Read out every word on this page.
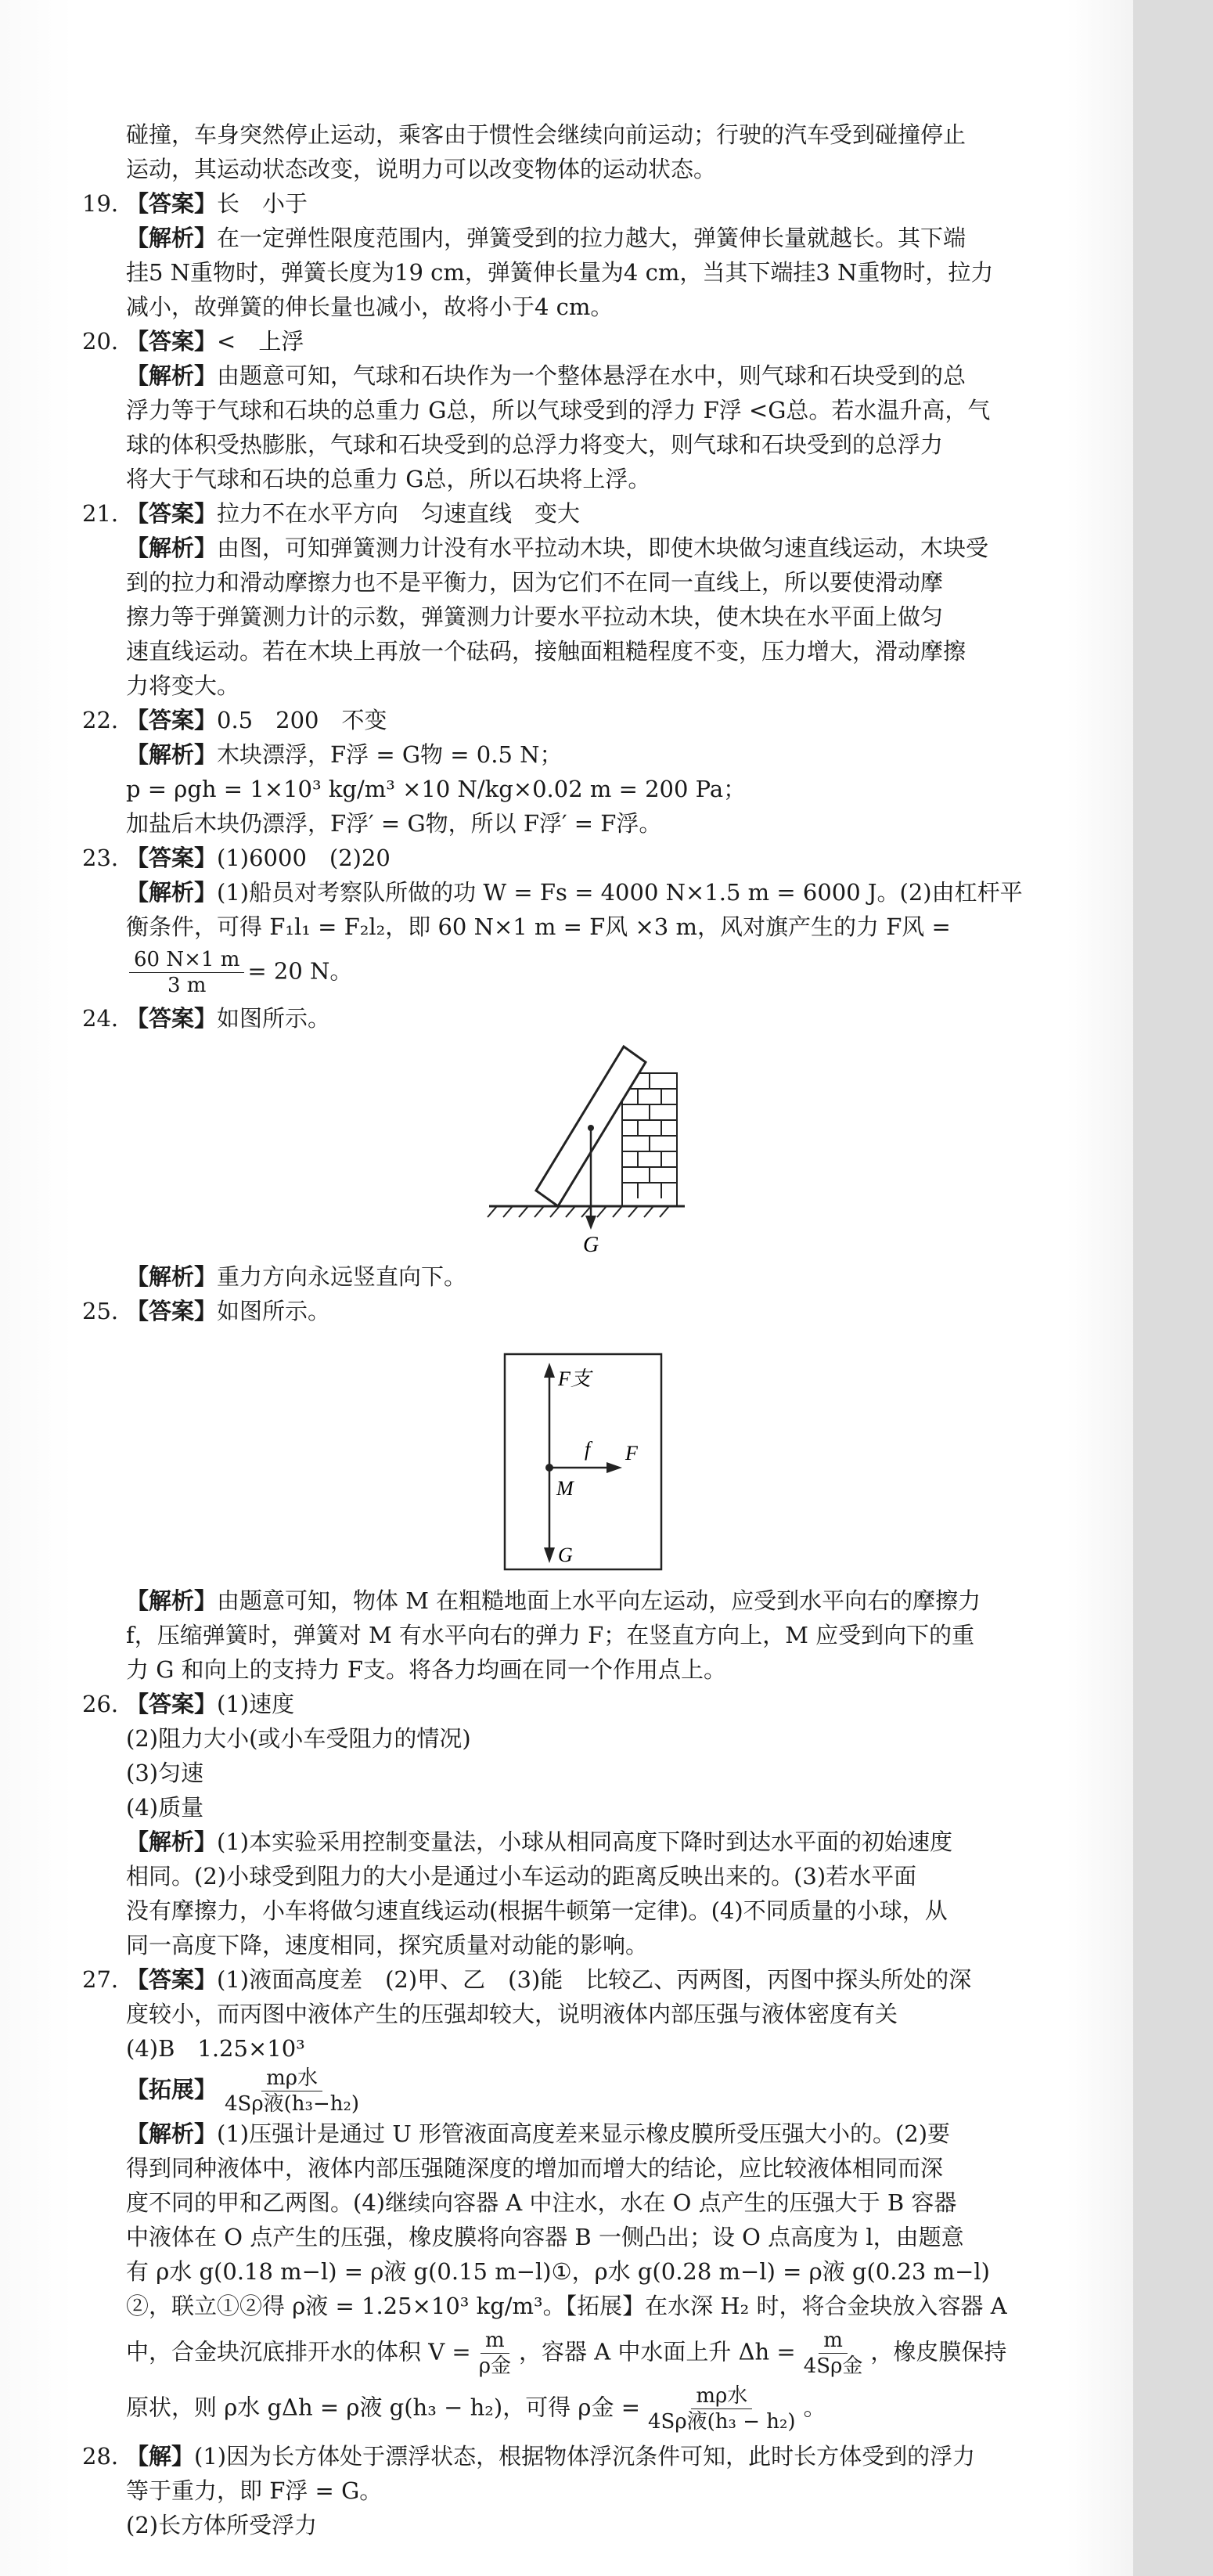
碰撞，车身突然停止运动，乘客由于惯性会继续向前运动；行驶的汽车受到碰撞停止
运动，其运动状态改变，说明力可以改变物体的运动状态。
19. 【答案】长　小于
【解析】在一定弹性限度范围内，弹簧受到的拉力越大，弹簧伸长量就越长。其下端
挂5 N重物时，弹簧长度为19 cm，弹簧伸长量为4 cm，当其下端挂3 N重物时，拉力
减小，故弹簧的伸长量也减小，故将小于4 cm。
20. 【答案】<　上浮
【解析】由题意可知，气球和石块作为一个整体悬浮在水中，则气球和石块受到的总
浮力等于气球和石块的总重力 G总，所以气球受到的浮力 F浮 <G总。若水温升高，气
球的体积受热膨胀，气球和石块受到的总浮力将变大，则气球和石块受到的总浮力
将大于气球和石块的总重力 G总，所以石块将上浮。
21. 【答案】拉力不在水平方向　匀速直线　变大
【解析】由图，可知弹簧测力计没有水平拉动木块，即使木块做匀速直线运动，木块受
到的拉力和滑动摩擦力也不是平衡力，因为它们不在同一直线上，所以要使滑动摩
擦力等于弹簧测力计的示数，弹簧测力计要水平拉动木块，使木块在水平面上做匀
速直线运动。若在木块上再放一个砝码，接触面粗糙程度不变，压力增大，滑动摩擦
力将变大。
22. 【答案】0.5　200　不变
【解析】木块漂浮，F浮 = G物 = 0.5 N；
p = ρgh = 1×10³ kg/m³ ×10 N/kg×0.02 m = 200 Pa；
加盐后木块仍漂浮，F浮′ = G物，所以 F浮′ = F浮。
23. 【答案】(1)6000　(2)20
【解析】(1)船员对考察队所做的功 W = Fs = 4000 N×1.5 m = 6000 J。(2)由杠杆平
衡条件，可得 F₁l₁ = F₂l₂，即 60 N×1 m = F风 ×3 m，风对旗产生的力 F风 =
$\frac{60 N\times 1 m}{3 m} = 20$ N。
24. 【答案】如图所示。
G
【解析】重力方向永远竖直向下。
25. 【答案】如图所示。
F支
f F
M
G
【解析】由题意可知，物体 M 在粗糙地面上水平向左运动，应受到水平向右的摩擦力
f，压缩弹簧时，弹簧对 M 有水平向右的弹力 F；在竖直方向上，M 应受到向下的重
力 G 和向上的支持力 F支。将各力均画在同一个作用点上。
26. 【答案】(1)速度
(2)阻力大小(或小车受阻力的情况)
(3)匀速
(4)质量
【解析】(1)本实验采用控制变量法，小球从相同高度下降时到达水平面的初始速度
相同。(2)小球受到阻力的大小是通过小车运动的距离反映出来的。(3)若水平面
没有摩擦力，小车将做匀速直线运动(根据牛顿第一定律)。(4)不同质量的小球，从
同一高度下降，速度相同，探究质量对动能的影响。
27. 【答案】(1)液面高度差　(2)甲、乙　(3)能　比较乙、丙两图，丙图中探头所处的深
度较小，而丙图中液体产生的压强却较大，说明液体内部压强与液体密度有关
(4)B　1.25×10³
【拓展】 $\frac{\text{mρ水}}{\text{4Sρ液(h₃−h₂)}}$
【解析】(1)压强计是通过 U 形管液面高度差来显示橡皮膜所受压强大小的。(2)要
得到同种液体中，液体内部压强随深度的增加而增大的结论，应比较液体相同而深
度不同的甲和乙两图。(4)继续向容器 A 中注水，水在 O 点产生的压强大于 B 容器
中液体在 O 点产生的压强，橡皮膜将向容器 B 一侧凸出；设 O 点高度为 l，由题意
有 ρ水 g(0.18 m−l) = ρ液 g(0.15 m−l)①，ρ水 g(0.28 m−l) = ρ液 g(0.23 m−l)
②，联立①②得 ρ液 = 1.25×10³ kg/m³。【拓展】在水深 H₂ 时，将合金块放入容器 A
中，合金块沉底排开水的体积 $V = \frac{m}{\text{ρ金}}$ ，容器 A 中水面上升 $\Delta h = \frac{m}{\text{4Sρ金}}$ ，橡皮膜保持
原状，则 ρ水 gΔh = ρ液 g(h₃ − h₂)，可得 ρ金 = $\frac{\text{mρ水}}{\text{4Sρ液(h₃ − h₂)}}$ 。
28. 【解】(1)因为长方体处于漂浮状态，根据物体浮沉条件可知，此时长方体受到的浮力
等于重力，即 F浮 = G。
(2)长方体所受浮力
